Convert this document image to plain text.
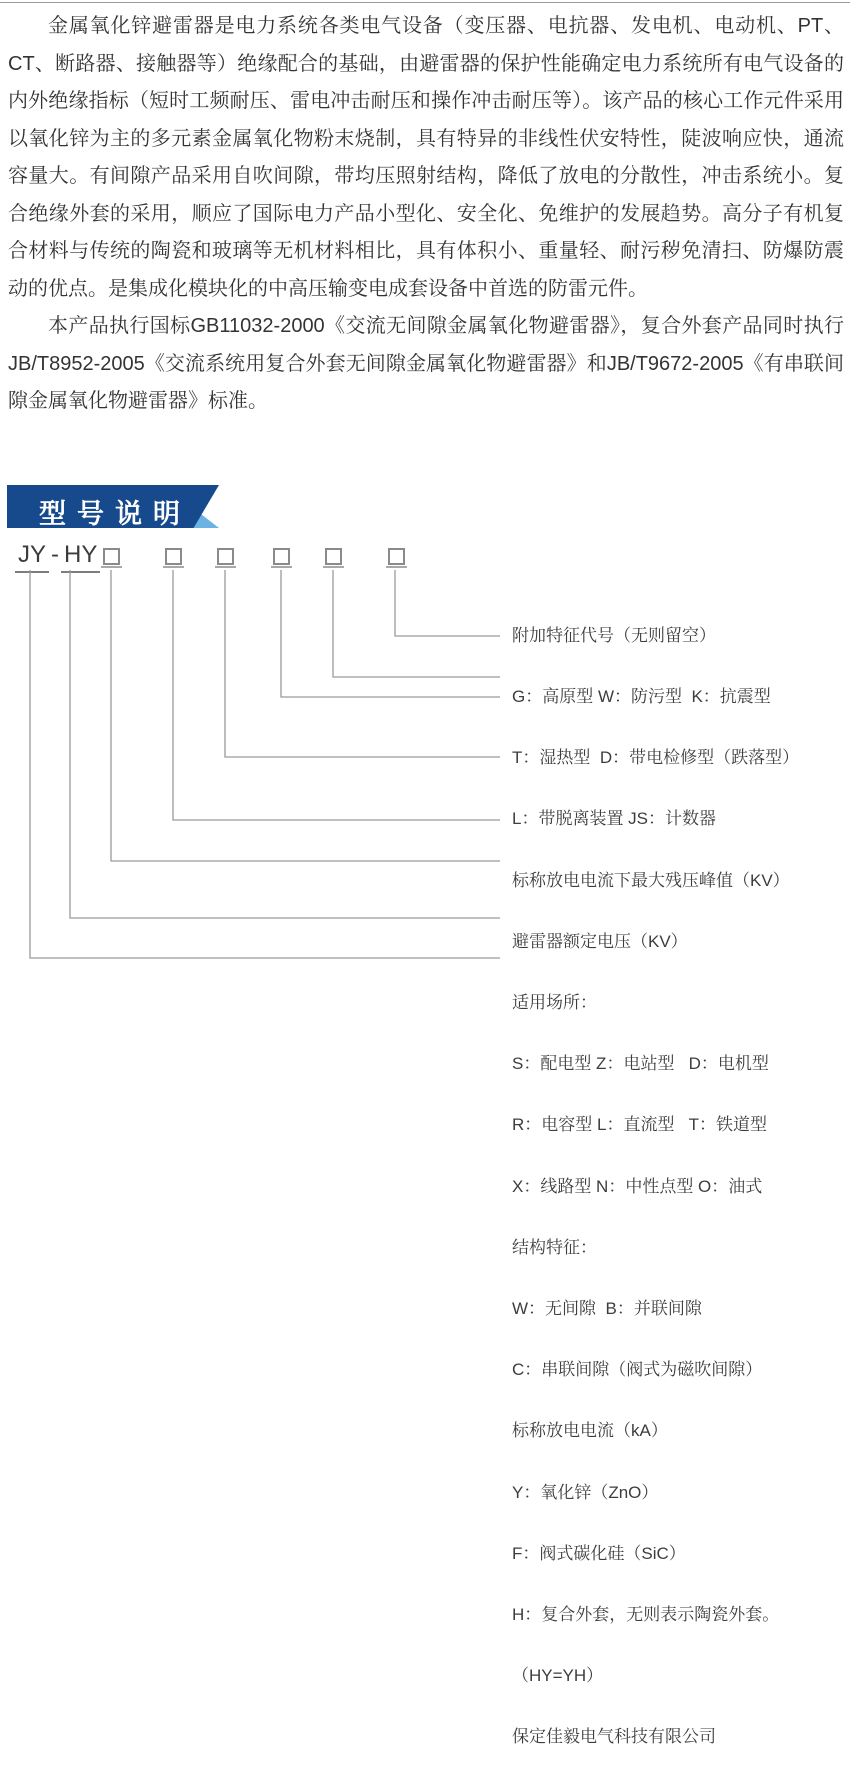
金属氧化锌避雷器是电力系统各类电气设备（变压器、电抗器、发电机、电动机、PT、CT、断路器、接触器等）绝缘配合的基础，由避雷器的保护性能确定电力系统所有电气设备的内外绝缘指标（短时工频耐压、雷电冲击耐压和操作冲击耐压等）。该产品的核心工作元件采用以氧化锌为主的多元素金属氧化物粉末烧制，具有特异的非线性伏安特性，陡波响应快，通流容量大。有间隙产品采用自吹间隙，带均压照射结构，降低了放电的分散性，冲击系统小。复合绝缘外套的采用，顺应了国际电力产品小型化、安全化、免维护的发展趋势。高分子有机复合材料与传统的陶瓷和玻璃等无机材料相比，具有体积小、重量轻、耐污秽免清扫、防爆防震动的优点。是集成化模块化的中高压输变电成套设备中首选的防雷元件。

本产品执行国标GB11032-2000《交流无间隙金属氧化物避雷器》，复合外套产品同时执行JB/T8952-2005《交流系统用复合外套无间隙金属氧化物避雷器》和JB/T9672-2005《有串联间隙金属氧化物避雷器》标准。

型号说明
JY - HY

附加特征代号（无则留空）

G：高原型 W：防污型  K：抗震型

T：湿热型  D：带电检修型（跌落型）

L：带脱离装置 JS：计数器

标称放电电流下最大残压峰值（KV）

避雷器额定电压（KV）

适用场所：

S：配电型 Z：电站型   D：电机型

R：电容型 L：直流型   T：铁道型

X：线路型 N：中性点型 O：油式

结构特征：

W：无间隙  B：并联间隙

C：串联间隙（阀式为磁吹间隙）

标称放电电流（kA）

Y：氧化锌（ZnO）

F：阀式碳化硅（SiC）

H：复合外套，无则表示陶瓷外套。

（HY=YH）

保定佳毅电气科技有限公司
